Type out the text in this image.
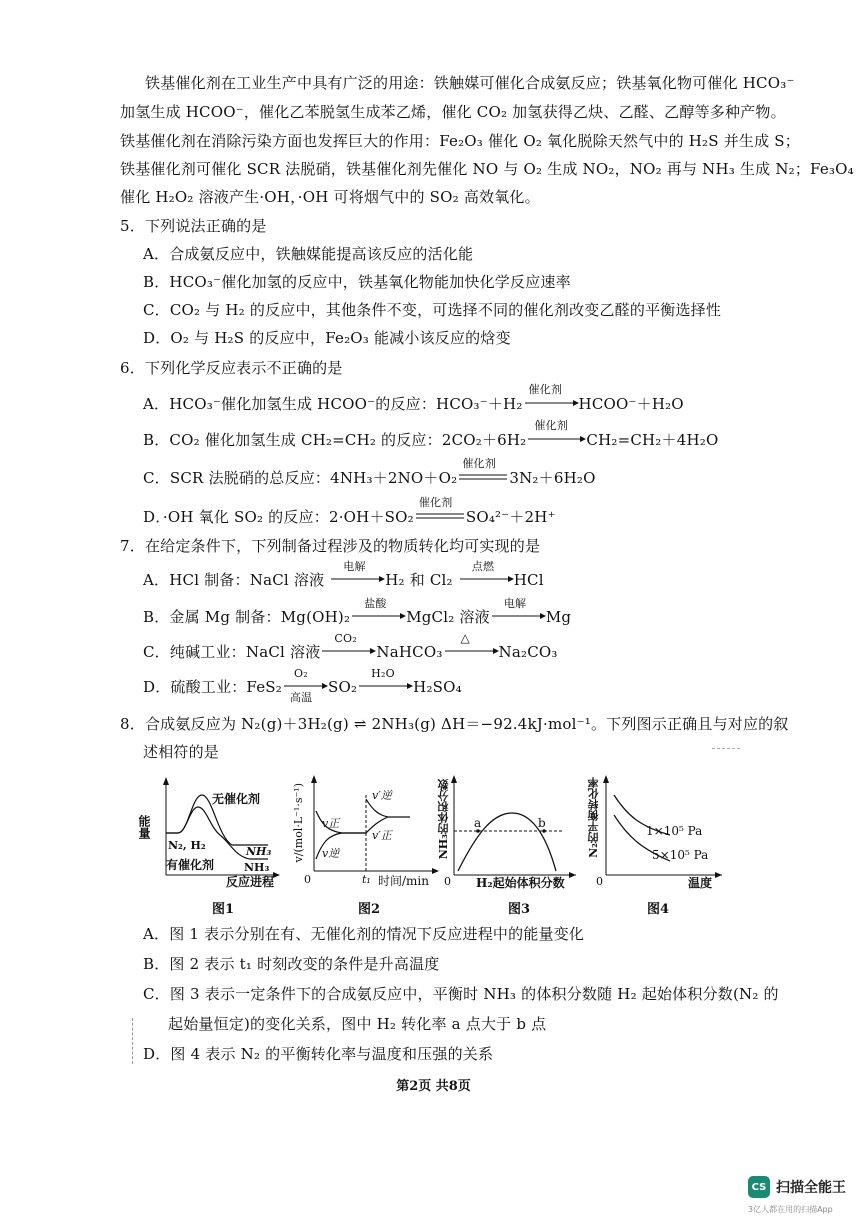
铁基催化剂在工业生产中具有广泛的用途：铁触媒可催化合成氨反应；铁基氧化物可催化 HCO₃⁻
加氢生成 HCOO⁻，催化乙苯脱氢生成苯乙烯，催化 CO₂ 加氢获得乙炔、乙醛、乙醇等多种产物。
铁基催化剂在消除污染方面也发挥巨大的作用：Fe₂O₃ 催化 O₂ 氧化脱除天然气中的 H₂S 并生成 S；
铁基催化剂可催化 SCR 法脱硝，铁基催化剂先催化 NO 与 O₂ 生成 NO₂，NO₂ 再与 NH₃ 生成 N₂；Fe₃O₄
催化 H₂O₂ 溶液产生·OH，·OH 可将烟气中的 SO₂ 高效氧化。
5．下列说法正确的是
A．合成氨反应中，铁触媒能提高该反应的活化能
B．HCO₃⁻催化加氢的反应中，铁基氧化物能加快化学反应速率
C．CO₂ 与 H₂ 的反应中，其他条件不变，可选择不同的催化剂改变乙醛的平衡选择性
D．O₂ 与 H₂S 的反应中，Fe₂O₃ 能减小该反应的焓变
6．下列化学反应表示不正确的是
A．HCO₃⁻催化加氢生成 HCOO⁻的反应：HCO₃⁻＋H₂
催化剂
HCOO⁻＋H₂O
B．CO₂ 催化加氢生成 CH₂=CH₂ 的反应：2CO₂＋6H₂
催化剂
CH₂=CH₂＋4H₂O
C．SCR 法脱硝的总反应：4NH₃＋2NO＋O₂
催化剂
3N₂＋6H₂O
D．·OH 氧化 SO₂ 的反应：2·OH＋SO₂
催化剂
SO₄²⁻＋2H⁺
7．在给定条件下，下列制备过程涉及的物质转化均可实现的是
A．HCl 制备：NaCl 溶液
电解
H₂ 和 Cl₂
点燃
HCl
B．金属 Mg 制备：Mg(OH)₂
盐酸
MgCl₂ 溶液
电解
Mg
C．纯碱工业：NaCl 溶液
CO₂
NaHCO₃
△
Na₂CO₃
D．硫酸工业：FeS₂
O₂
高温
SO₂
H₂O
H₂SO₄
8．合成氨反应为 N₂(g)＋3H₂(g) ⇌ 2NH₃(g) ΔH＝−92.4kJ·mol⁻¹。下列图示正确且与对应的叙
述相符的是
能量
无催化剂
N₂, H₂
有催化剂
NH₃
NH₃
反应进程
图1
v正
v逆
v′逆
v′正
0	t₁ 时间/min
v/(mol·L⁻¹·s⁻¹)
图2
a	b
0 H₂起始体积分数
NH₃的体积分数
图3
1×10⁵ Pa
5×10⁵ Pa
0	温度
N₂的平衡转化率
图4
A．图 1 表示分别在有、无催化剂的情况下反应进程中的能量变化
B．图 2 表示 t₁ 时刻改变的条件是升高温度
C．图 3 表示一定条件下的合成氨反应中，平衡时 NH₃ 的体积分数随 H₂ 起始体积分数(N₂ 的
起始量恒定)的变化关系，图中 H₂ 转化率 a 点大于 b 点
D．图 4 表示 N₂ 的平衡转化率与温度和压强的关系
第2页 共8页
CS 扫描全能王
3亿人都在用的扫描App
